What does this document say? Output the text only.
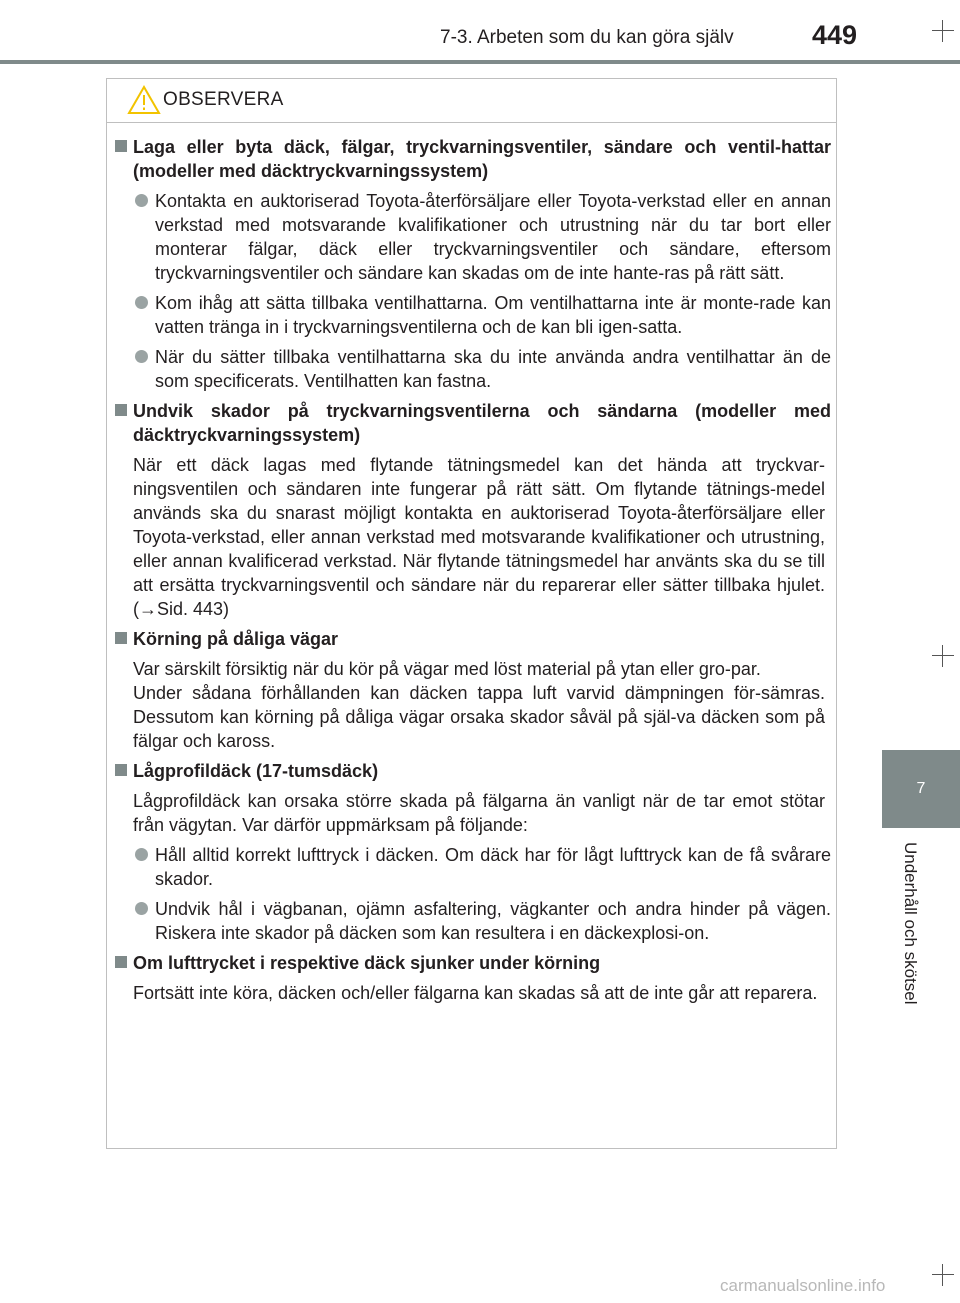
7-3. Arbeten som du kan göra själv	449
7
Underhåll och skötsel
OBSERVERA
Laga eller byta däck, fälgar, tryckvarningsventiler, sändare och ventil-hattar (modeller med däcktryckvarningssystem)
Kontakta en auktoriserad Toyota-återförsäljare eller Toyota-verkstad eller en annan verkstad med motsvarande kvalifikationer och utrustning när du tar bort eller monterar fälgar, däck eller tryckvarningsventiler och sändare, eftersom tryckvarningsventiler och sändare kan skadas om de inte hante-ras på rätt sätt.
Kom ihåg att sätta tillbaka ventilhattarna. Om ventilhattarna inte är monte-rade kan vatten tränga in i tryckvarningsventilerna och de kan bli igen-satta.
När du sätter tillbaka ventilhattarna ska du inte använda andra ventilhattar än de som specificerats. Ventilhatten kan fastna.
Undvik skador på tryckvarningsventilerna och sändarna (modeller med däcktryckvarningssystem)
När ett däck lagas med flytande tätningsmedel kan det hända att tryckvar-ningsventilen och sändaren inte fungerar på rätt sätt. Om flytande tätnings-medel används ska du snarast möjligt kontakta en auktoriserad Toyota-återförsäljare eller Toyota-verkstad, eller annan verkstad med motsvarande kvalifikationer och utrustning, eller annan kvalificerad verkstad. När flytande tätningsmedel har använts ska du se till att ersätta tryckvarningsventil och sändare när du reparerar eller sätter tillbaka hjulet. (→Sid. 443)
Körning på dåliga vägar
Var särskilt försiktig när du kör på vägar med löst material på ytan eller gro-par.
Under sådana förhållanden kan däcken tappa luft varvid dämpningen för-sämras. Dessutom kan körning på dåliga vägar orsaka skador såväl på själ-va däcken som på fälgar och kaross.
Lågprofildäck (17-tumsdäck)
Lågprofildäck kan orsaka större skada på fälgarna än vanligt när de tar emot stötar från vägytan. Var därför uppmärksam på följande:
Håll alltid korrekt lufttryck i däcken. Om däck har för lågt lufttryck kan de få svårare skador.
Undvik hål i vägbanan, ojämn asfaltering, vägkanter och andra hinder på vägen. Riskera inte skador på däcken som kan resultera i en däckexplosi-on.
Om lufttrycket i respektive däck sjunker under körning
Fortsätt inte köra, däcken och/eller fälgarna kan skadas så att de inte går att reparera.
carmanualsonline.info
